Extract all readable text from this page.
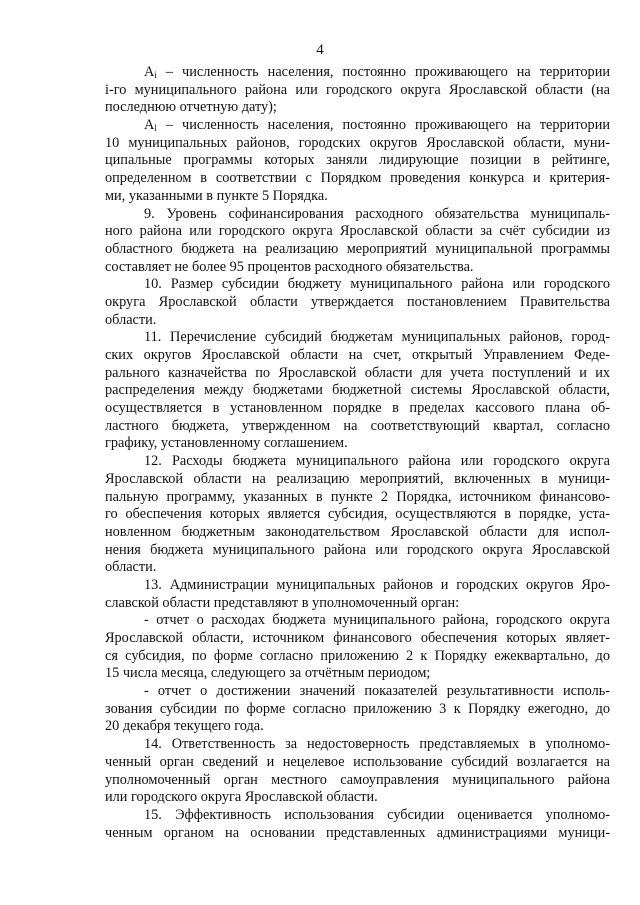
4
$А_i$ – численность населения, постоянно проживающего на территории
i-го муниципального района или городского округа Ярославской области (на
последнюю отчетную дату);
$А_l$ – численность населения, постоянно проживающего на территории
10 муниципальных районов, городских округов Ярославской области, муни-
ципальные программы которых заняли лидирующие позиции в рейтинге,
определенном в соответствии с Порядком проведения конкурса и критерия-
ми, указанными в пункте 5 Порядка.
9. Уровень софинансирования расходного обязательства муниципаль-
ного района или городского округа Ярославской области за счёт субсидии из
областного бюджета на реализацию мероприятий муниципальной программы
составляет не более 95 процентов расходного обязательства.
10. Размер субсидии бюджету муниципального района или городского
округа Ярославской области утверждается постановлением Правительства
области.
11. Перечисление субсидий бюджетам муниципальных районов, город-
ских округов Ярославской области на счет, открытый Управлением Феде-
рального казначейства по Ярославской области для учета поступлений и их
распределения между бюджетами бюджетной системы Ярославской области,
осуществляется в установленном порядке в пределах кассового плана об-
ластного бюджета, утвержденном на соответствующий квартал, согласно
графику, установленному соглашением.
12. Расходы бюджета муниципального района или городского округа
Ярославской области на реализацию мероприятий, включенных в муници-
пальную программу, указанных в пункте 2 Порядка, источником финансово-
го обеспечения которых является субсидия, осуществляются в порядке, уста-
новленном бюджетным законодательством Ярославской области для испол-
нения бюджета муниципального района или городского округа Ярославской
области.
13. Администрации муниципальных районов и городских округов Яро-
славской области представляют в уполномоченный орган:
- отчет о расходах бюджета муниципального района, городского округа
Ярославской области, источником финансового обеспечения которых являет-
ся субсидия, по форме согласно приложению 2 к Порядку ежеквартально, до
15 числа месяца, следующего за отчётным периодом;
- отчет о достижении значений показателей результативности исполь-
зования субсидии по форме согласно приложению 3 к Порядку ежегодно, до
20 декабря текущего года.
14. Ответственность за недостоверность представляемых в уполномо-
ченный орган сведений и нецелевое использование субсидий возлагается на
уполномоченный орган местного самоуправления муниципального района
или городского округа Ярославской области.
15. Эффективность использования субсидии оценивается уполномо-
ченным органом на основании представленных администрациями муници-
